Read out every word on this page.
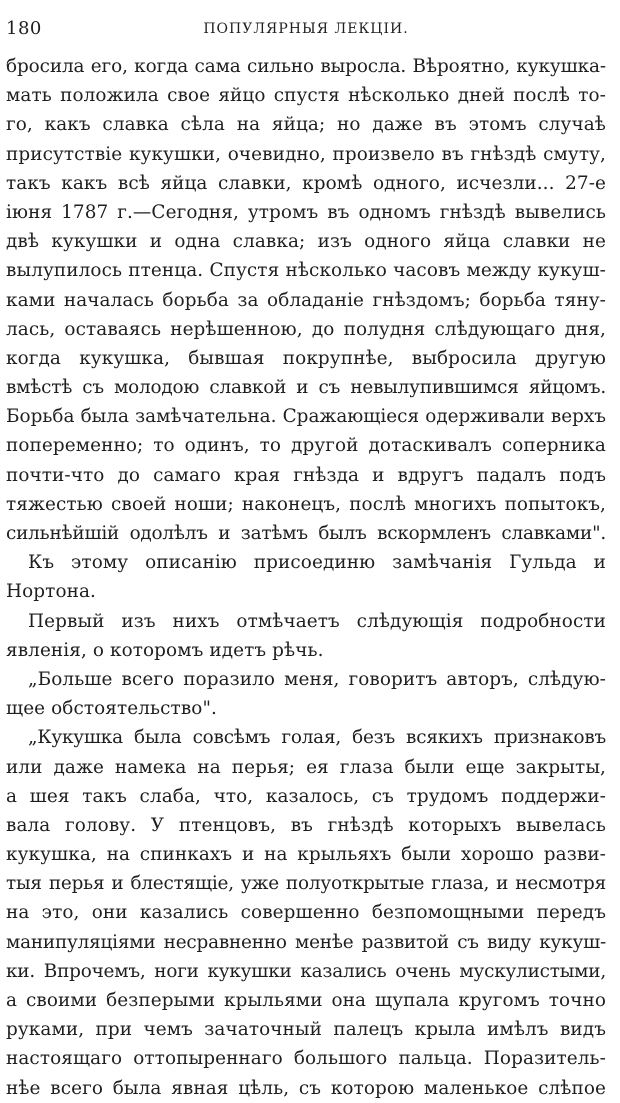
180	ПОПУЛЯРНЫЯ ЛЕКЦІИ.
бросила его, когда сама сильно выросла. Вѣроятно, кукушка-
мать положила свое яйцо спустя нѣсколько дней послѣ то-
го, какъ славка сѣла на яйца; но даже въ этомъ случаѣ
присутствіе кукушки, очевидно, произвело въ гнѣздѣ смуту,
такъ какъ всѣ яйца славки, кромѣ одного, исчезли... 27-е
іюня 1787 г.—Сегодня, утромъ въ одномъ гнѣздѣ вывелись
двѣ кукушки и одна славка; изъ одного яйца славки не
вылупилось птенца. Спустя нѣсколько часовъ между кукуш-
ками началась борьба за обладаніе гнѣздомъ; борьба тяну-
лась, оставаясь нерѣшенною, до полудня слѣдующаго дня,
когда кукушка, бывшая покрупнѣе, выбросила другую
вмѣстѣ съ молодою славкой и съ невылупившимся яйцомъ.
Борьба была замѣчательна. Сражающіеся одерживали верхъ
попеременно; то одинъ, то другой дотаскивалъ соперника
почти-что до самаго края гнѣзда и вдругъ падалъ подъ
тяжестью своей ноши; наконецъ, послѣ многихъ попытокъ,
сильнѣйшій одолѣлъ и затѣмъ былъ вскормленъ славками".
Къ этому описанію присоединю замѣчанія Гульда и
Нортона.
Первый изъ нихъ отмѣчаетъ слѣдующія подробности
явленія, о которомъ идетъ рѣчь.
„Больше всего поразило меня, говоритъ авторъ, слѣдую-
щее обстоятельство".
„Кукушка была совсѣмъ голая, безъ всякихъ признаковъ
или даже намека на перья; ея глаза были еще закрыты,
а шея такъ слаба, что, казалось, съ трудомъ поддержи-
вала голову. У птенцовъ, въ гнѣздѣ которыхъ вывелась
кукушка, на спинкахъ и на крыльяхъ были хорошо разви-
тыя перья и блестящіе, уже полуоткрытые глаза, и несмотря
на это, они казались совершенно безпомощными передъ
манипуляціями несравненно менѣе развитой съ виду кукуш-
ки. Впрочемъ, ноги кукушки казались очень мускулистыми,
а своими безперыми крыльями она щупала кругомъ точно
руками, при чемъ зачаточный палецъ крыла имѣлъ видъ
настоящаго оттопыреннаго большого пальца. Поразитель-
нѣе всего была явная цѣль, съ которою маленькое слѣпое
